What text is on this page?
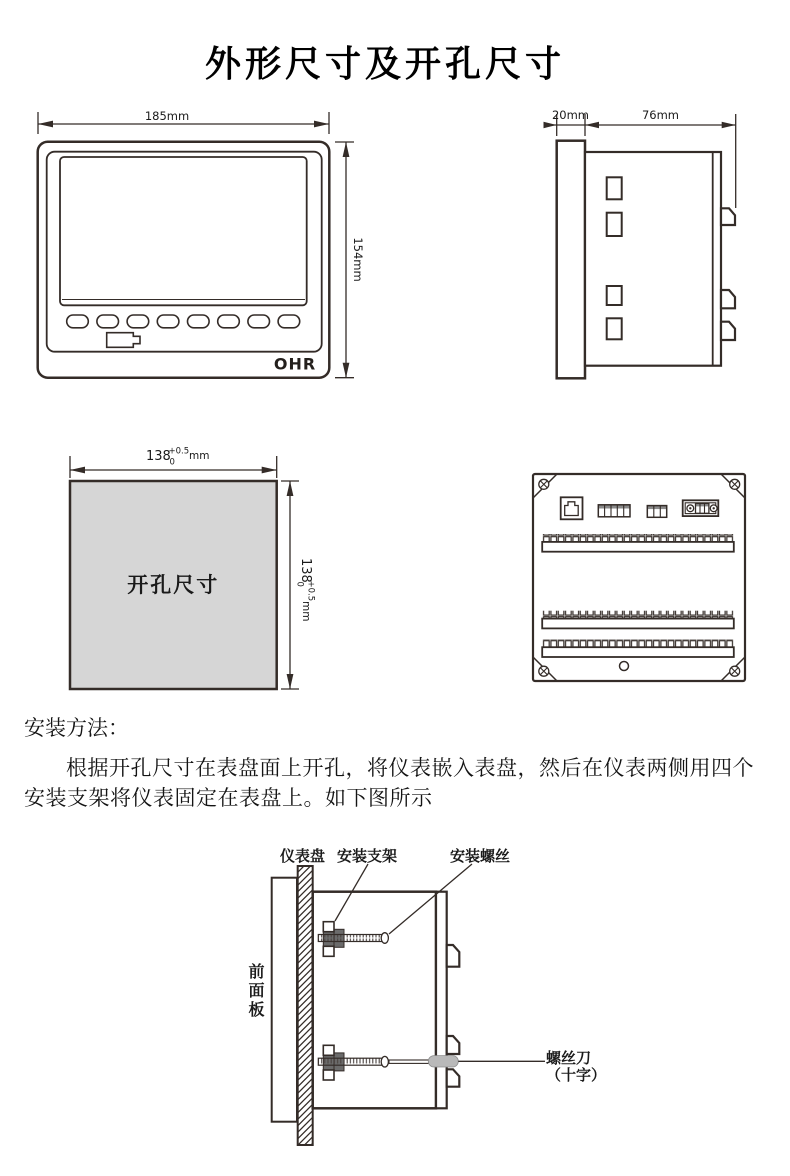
外形尺寸及开孔尺寸
185mm
OHR
154mm
20mm	76mm
138
+0.5
0
mm
开孔尺寸
138
+0.5
0
mm

安装方法：

根据开孔尺寸在表盘面上开孔，将仪表嵌入表盘，然后在仪表两侧用四个安装支架将仪表固定在表盘上。如下图所示

仪表盘 安装支架	安装螺丝
前面板
螺丝刀
（十字）
